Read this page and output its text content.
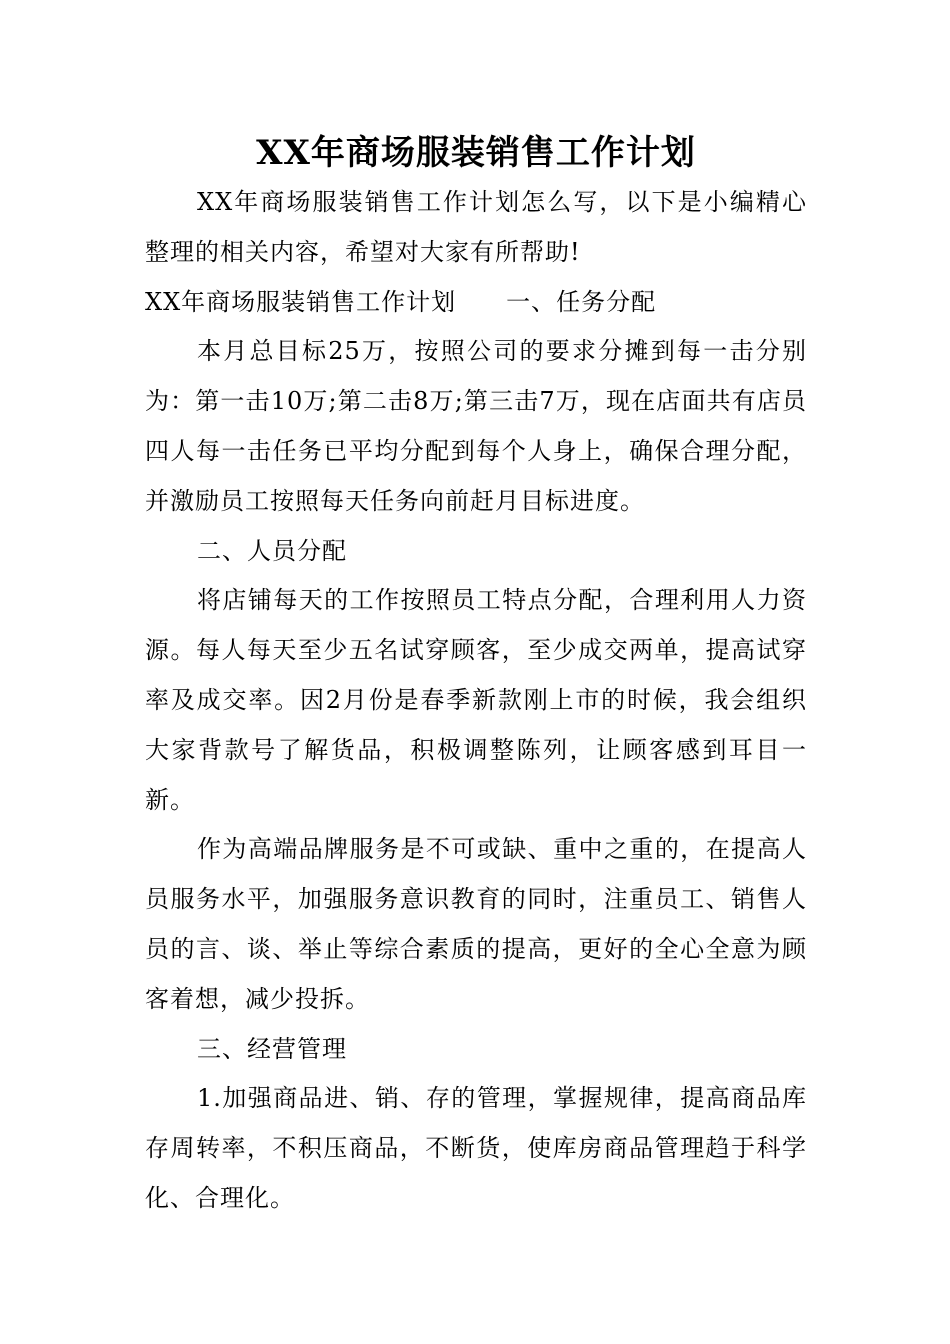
XX年商场服装销售工作计划

XX年商场服装销售工作计划怎么写，以下是小编精心整理的相关内容，希望对大家有所帮助!

XX年商场服装销售工作计划　　一、任务分配

本月总目标25万，按照公司的要求分摊到每一击分别为：第一击10万;第二击8万;第三击7万，现在店面共有店员四人每一击任务已平均分配到每个人身上，确保合理分配，并激励员工按照每天任务向前赶月目标进度。

二、人员分配

将店铺每天的工作按照员工特点分配，合理利用人力资源。每人每天至少五名试穿顾客，至少成交两单，提高试穿率及成交率。因2月份是春季新款刚上市的时候，我会组织大家背款号了解货品，积极调整陈列，让顾客感到耳目一新。

作为高端品牌服务是不可或缺、重中之重的，在提高人员服务水平，加强服务意识教育的同时，注重员工、销售人员的言、谈、举止等综合素质的提高，更好的全心全意为顾客着想，减少投拆。

三、经营管理

1.加强商品进、销、存的管理，掌握规律，提高商品库存周转率，不积压商品，不断货，使库房商品管理趋于科学化、合理化。
